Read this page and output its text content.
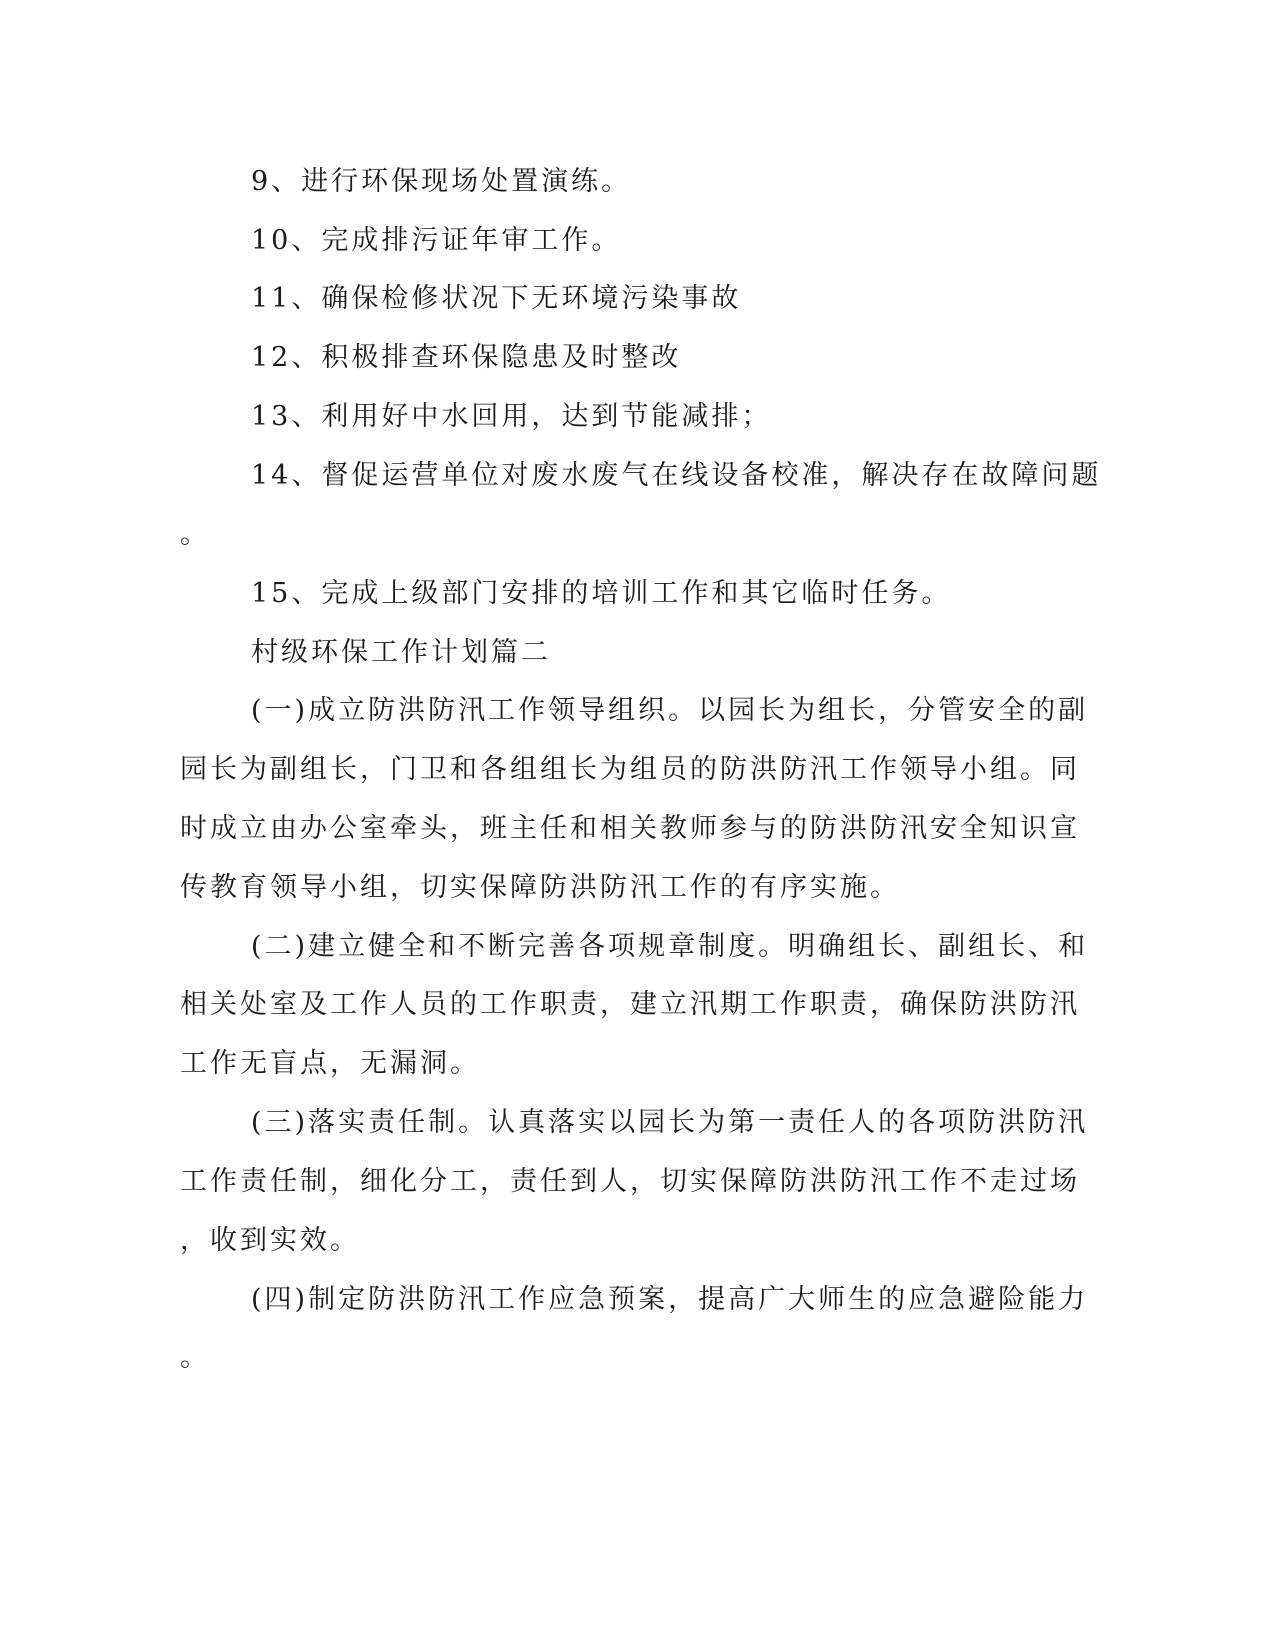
9、进行环保现场处置演练。
10、完成排污证年审工作。
11、确保检修状况下无环境污染事故
12、积极排查环保隐患及时整改
13、利用好中水回用，达到节能减排；
14、督促运营单位对废水废气在线设备校准，解决存在故障问题
。
15、完成上级部门安排的培训工作和其它临时任务。
村级环保工作计划篇二
(一)成立防洪防汛工作领导组织。以园长为组长，分管安全的副
园长为副组长，门卫和各组组长为组员的防洪防汛工作领导小组。同
时成立由办公室牵头，班主任和相关教师参与的防洪防汛安全知识宣
传教育领导小组，切实保障防洪防汛工作的有序实施。
(二)建立健全和不断完善各项规章制度。明确组长、副组长、和
相关处室及工作人员的工作职责，建立汛期工作职责，确保防洪防汛
工作无盲点，无漏洞。
(三)落实责任制。认真落实以园长为第一责任人的各项防洪防汛
工作责任制，细化分工，责任到人，切实保障防洪防汛工作不走过场
，收到实效。
(四)制定防洪防汛工作应急预案，提高广大师生的应急避险能力
。
